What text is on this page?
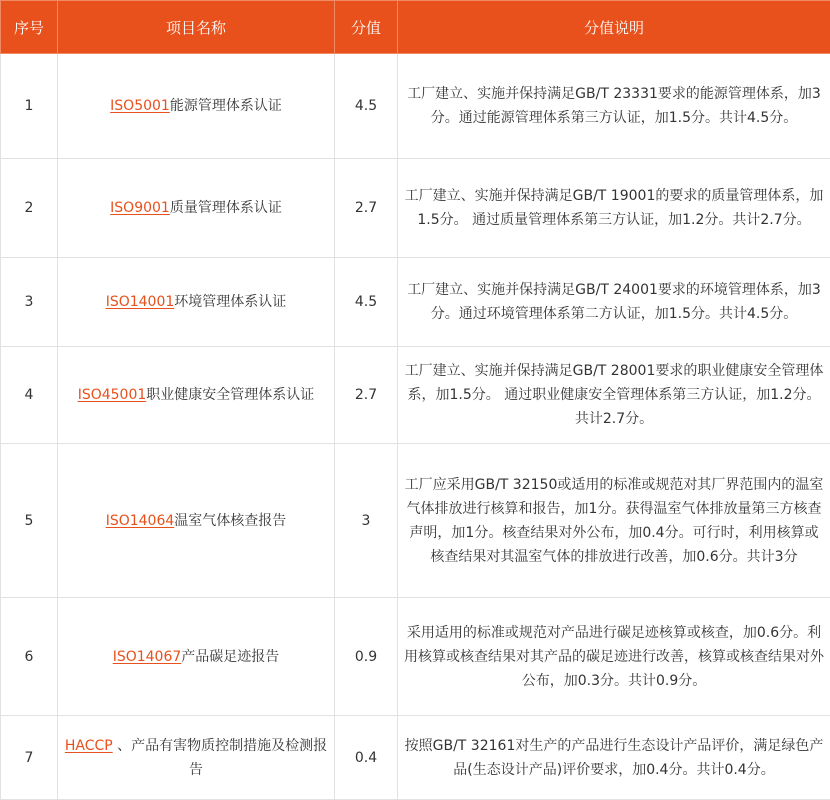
序号	项目名称	分值	分值说明
1	ISO5001能源管理体系认证	4.5	工厂建立、实施并保持满足GB/T 23331要求的能源管理体系，加3分。通过能源管理体系第三方认证，加1.5分。共计4.5分。
2	ISO9001质量管理体系认证	2.7	工厂建立、实施并保持满足GB/T 19001的要求的质量管理体系，加1.5分。 通过质量管理体系第三方认证，加1.2分。共计2.7分。
3	ISO14001环境管理体系认证	4.5	工厂建立、实施并保持满足GB/T 24001要求的环境管理体系，加3分。通过环境管理体系第二方认证，加1.5分。共计4.5分。
4	ISO45001职业健康安全管理体系认证	2.7	工厂建立、实施并保持满足GB/T 28001要求的职业健康安全管理体系，加1.5分。 通过职业健康安全管理体系第三方认证，加1.2分。共计2.7分。
5	ISO14064温室气体核查报告	3	工厂应采用GB/T 32150或适用的标准或规范对其厂界范围内的温室气体排放进行核算和报告，加1分。获得温室气体排放量第三方核查声明，加1分。核查结果对外公布，加0.4分。可行时，利用核算或核查结果对其温室气体的排放进行改善，加0.6分。共计3分
6	ISO14067产品碳足迹报告	0.9	采用适用的标准或规范对产品进行碳足迹核算或核查，加0.6分。利用核算或核查结果对其产品的碳足迹进行改善，核算或核查结果对外公布，加0.3分。共计0.9分。
7	HACCP 、产品有害物质控制措施及检测报告	0.4	按照GB/T 32161对生产的产品进行生态设计产品评价，满足绿色产品(生态设计产品)评价要求，加0.4分。共计0.4分。
